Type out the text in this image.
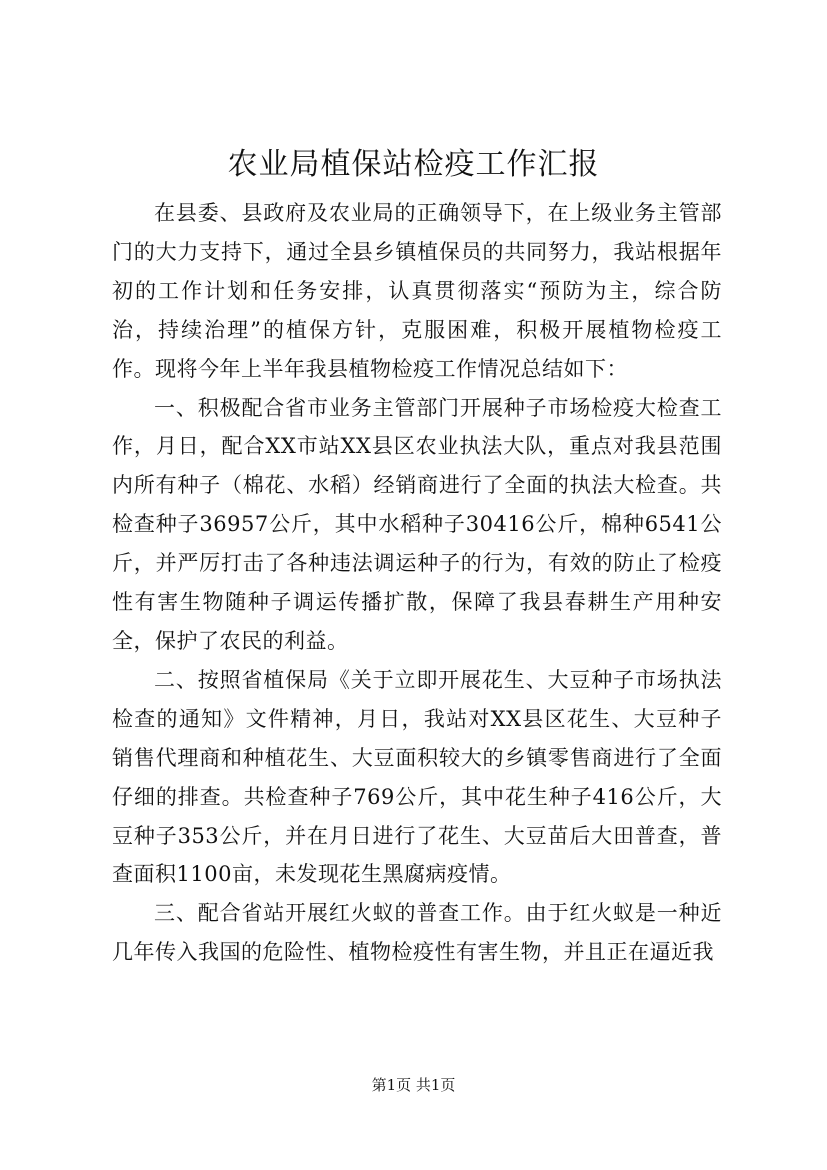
农业局植保站检疫工作汇报

在县委、县政府及农业局的正确领导下，在上级业务主管部门的大力支持下，通过全县乡镇植保员的共同努力，我站根据年初的工作计划和任务安排，认真贯彻落实“预防为主，综合防治，持续治理”的植保方针，克服困难，积极开展植物检疫工作。现将今年上半年我县植物检疫工作情况总结如下：

一、积极配合省市业务主管部门开展种子市场检疫大检查工作，月日，配合XX市站XX县区农业执法大队，重点对我县范围内所有种子（棉花、水稻）经销商进行了全面的执法大检查。共检查种子36957公斤，其中水稻种子30416公斤，棉种6541公斤，并严厉打击了各种违法调运种子的行为，有效的防止了检疫性有害生物随种子调运传播扩散，保障了我县春耕生产用种安全，保护了农民的利益。

二、按照省植保局《关于立即开展花生、大豆种子市场执法检查的通知》文件精神，月日，我站对XX县区花生、大豆种子销售代理商和种植花生、大豆面积较大的乡镇零售商进行了全面仔细的排查。共检查种子769公斤，其中花生种子416公斤，大豆种子353公斤，并在月日进行了花生、大豆苗后大田普查，普查面积1100亩，未发现花生黑腐病疫情。

三、配合省站开展红火蚁的普查工作。由于红火蚁是一种近几年传入我国的危险性、植物检疫性有害生物，并且正在逼近我

第1页 共1页
